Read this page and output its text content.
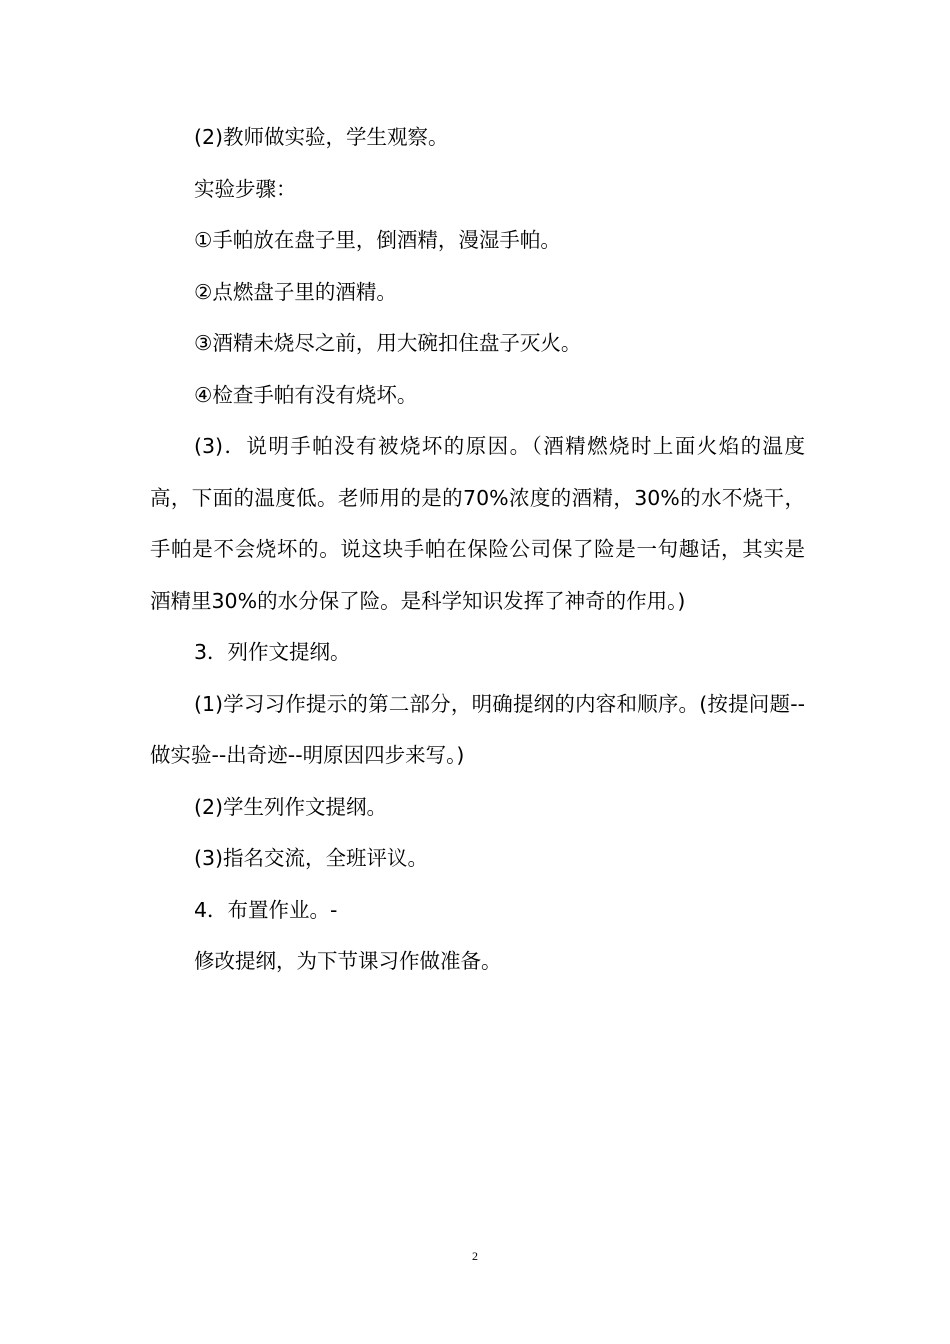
(2)教师做实验，学生观察。

实验步骤：

①手帕放在盘子里，倒酒精，漫湿手帕。

②点燃盘子里的酒精。

③酒精未烧尽之前，用大碗扣住盘子灭火。

④检查手帕有没有烧坏。

(3)．说明手帕没有被烧坏的原因。（酒精燃烧时上面火焰的温度高，下面的温度低。老师用的是的70%浓度的酒精，30%的水不烧干，手帕是不会烧坏的。说这块手帕在保险公司保了险是一句趣话，其实是酒精里30%的水分保了险。是科学知识发挥了神奇的作用。)

3．列作文提纲。

(1)学习习作提示的第二部分，明确提纲的内容和顺序。(按提问题--做实验--出奇迹--明原因四步来写。)

(2)学生列作文提纲。

(3)指名交流，全班评议。

4．布置作业。-

修改提纲，为下节课习作做准备。

2
